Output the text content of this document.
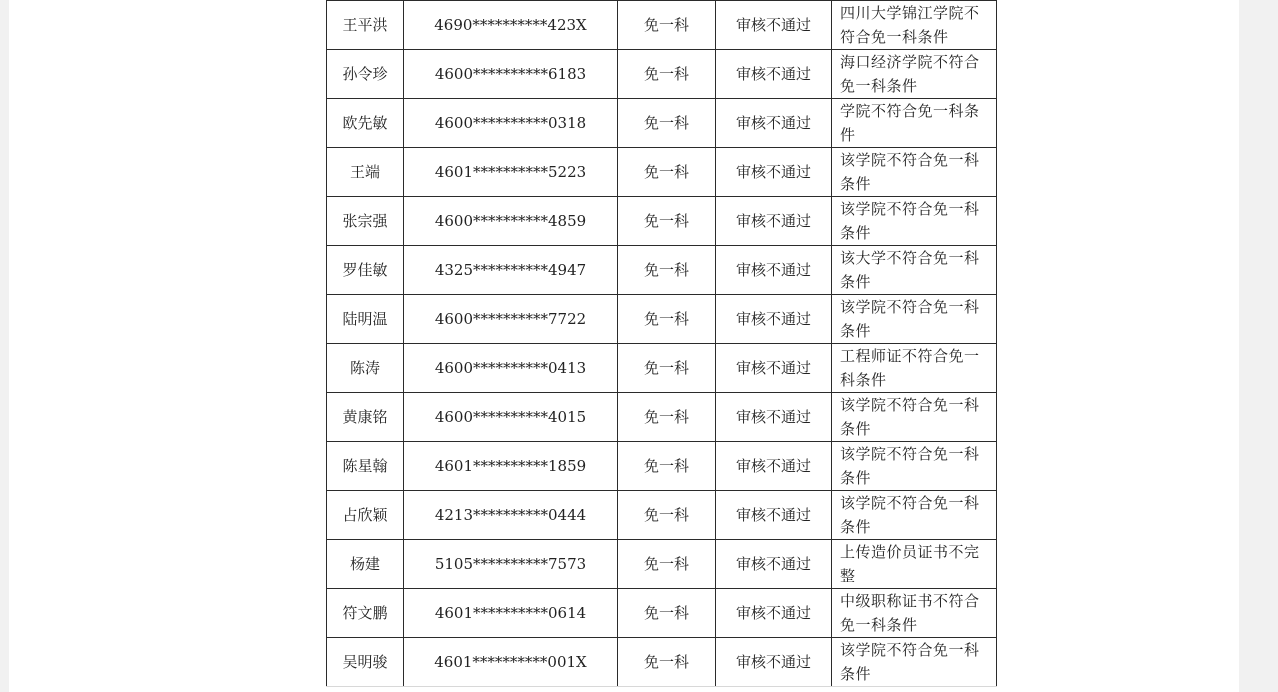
王平洪	4690**********423X	免一科	审核不通过	四川大学锦江学院不符合免一科条件
孙令珍	4600**********6183	免一科	审核不通过	海口经济学院不符合免一科条件
欧先敏	4600**********0318	免一科	审核不通过	学院不符合免一科条件
王端	4601**********5223	免一科	审核不通过	该学院不符合免一科条件
张宗强	4600**********4859	免一科	审核不通过	该学院不符合免一科条件
罗佳敏	4325**********4947	免一科	审核不通过	该大学不符合免一科条件
陆明温	4600**********7722	免一科	审核不通过	该学院不符合免一科条件
陈涛	4600**********0413	免一科	审核不通过	工程师证不符合免一科条件
黄康铭	4600**********4015	免一科	审核不通过	该学院不符合免一科条件
陈星翰	4601**********1859	免一科	审核不通过	该学院不符合免一科条件
占欣颖	4213**********0444	免一科	审核不通过	该学院不符合免一科条件
杨建	5105**********7573	免一科	审核不通过	上传造价员证书不完整
符文鹏	4601**********0614	免一科	审核不通过	中级职称证书不符合免一科条件
吴明骏	4601**********001X	免一科	审核不通过	该学院不符合免一科条件
